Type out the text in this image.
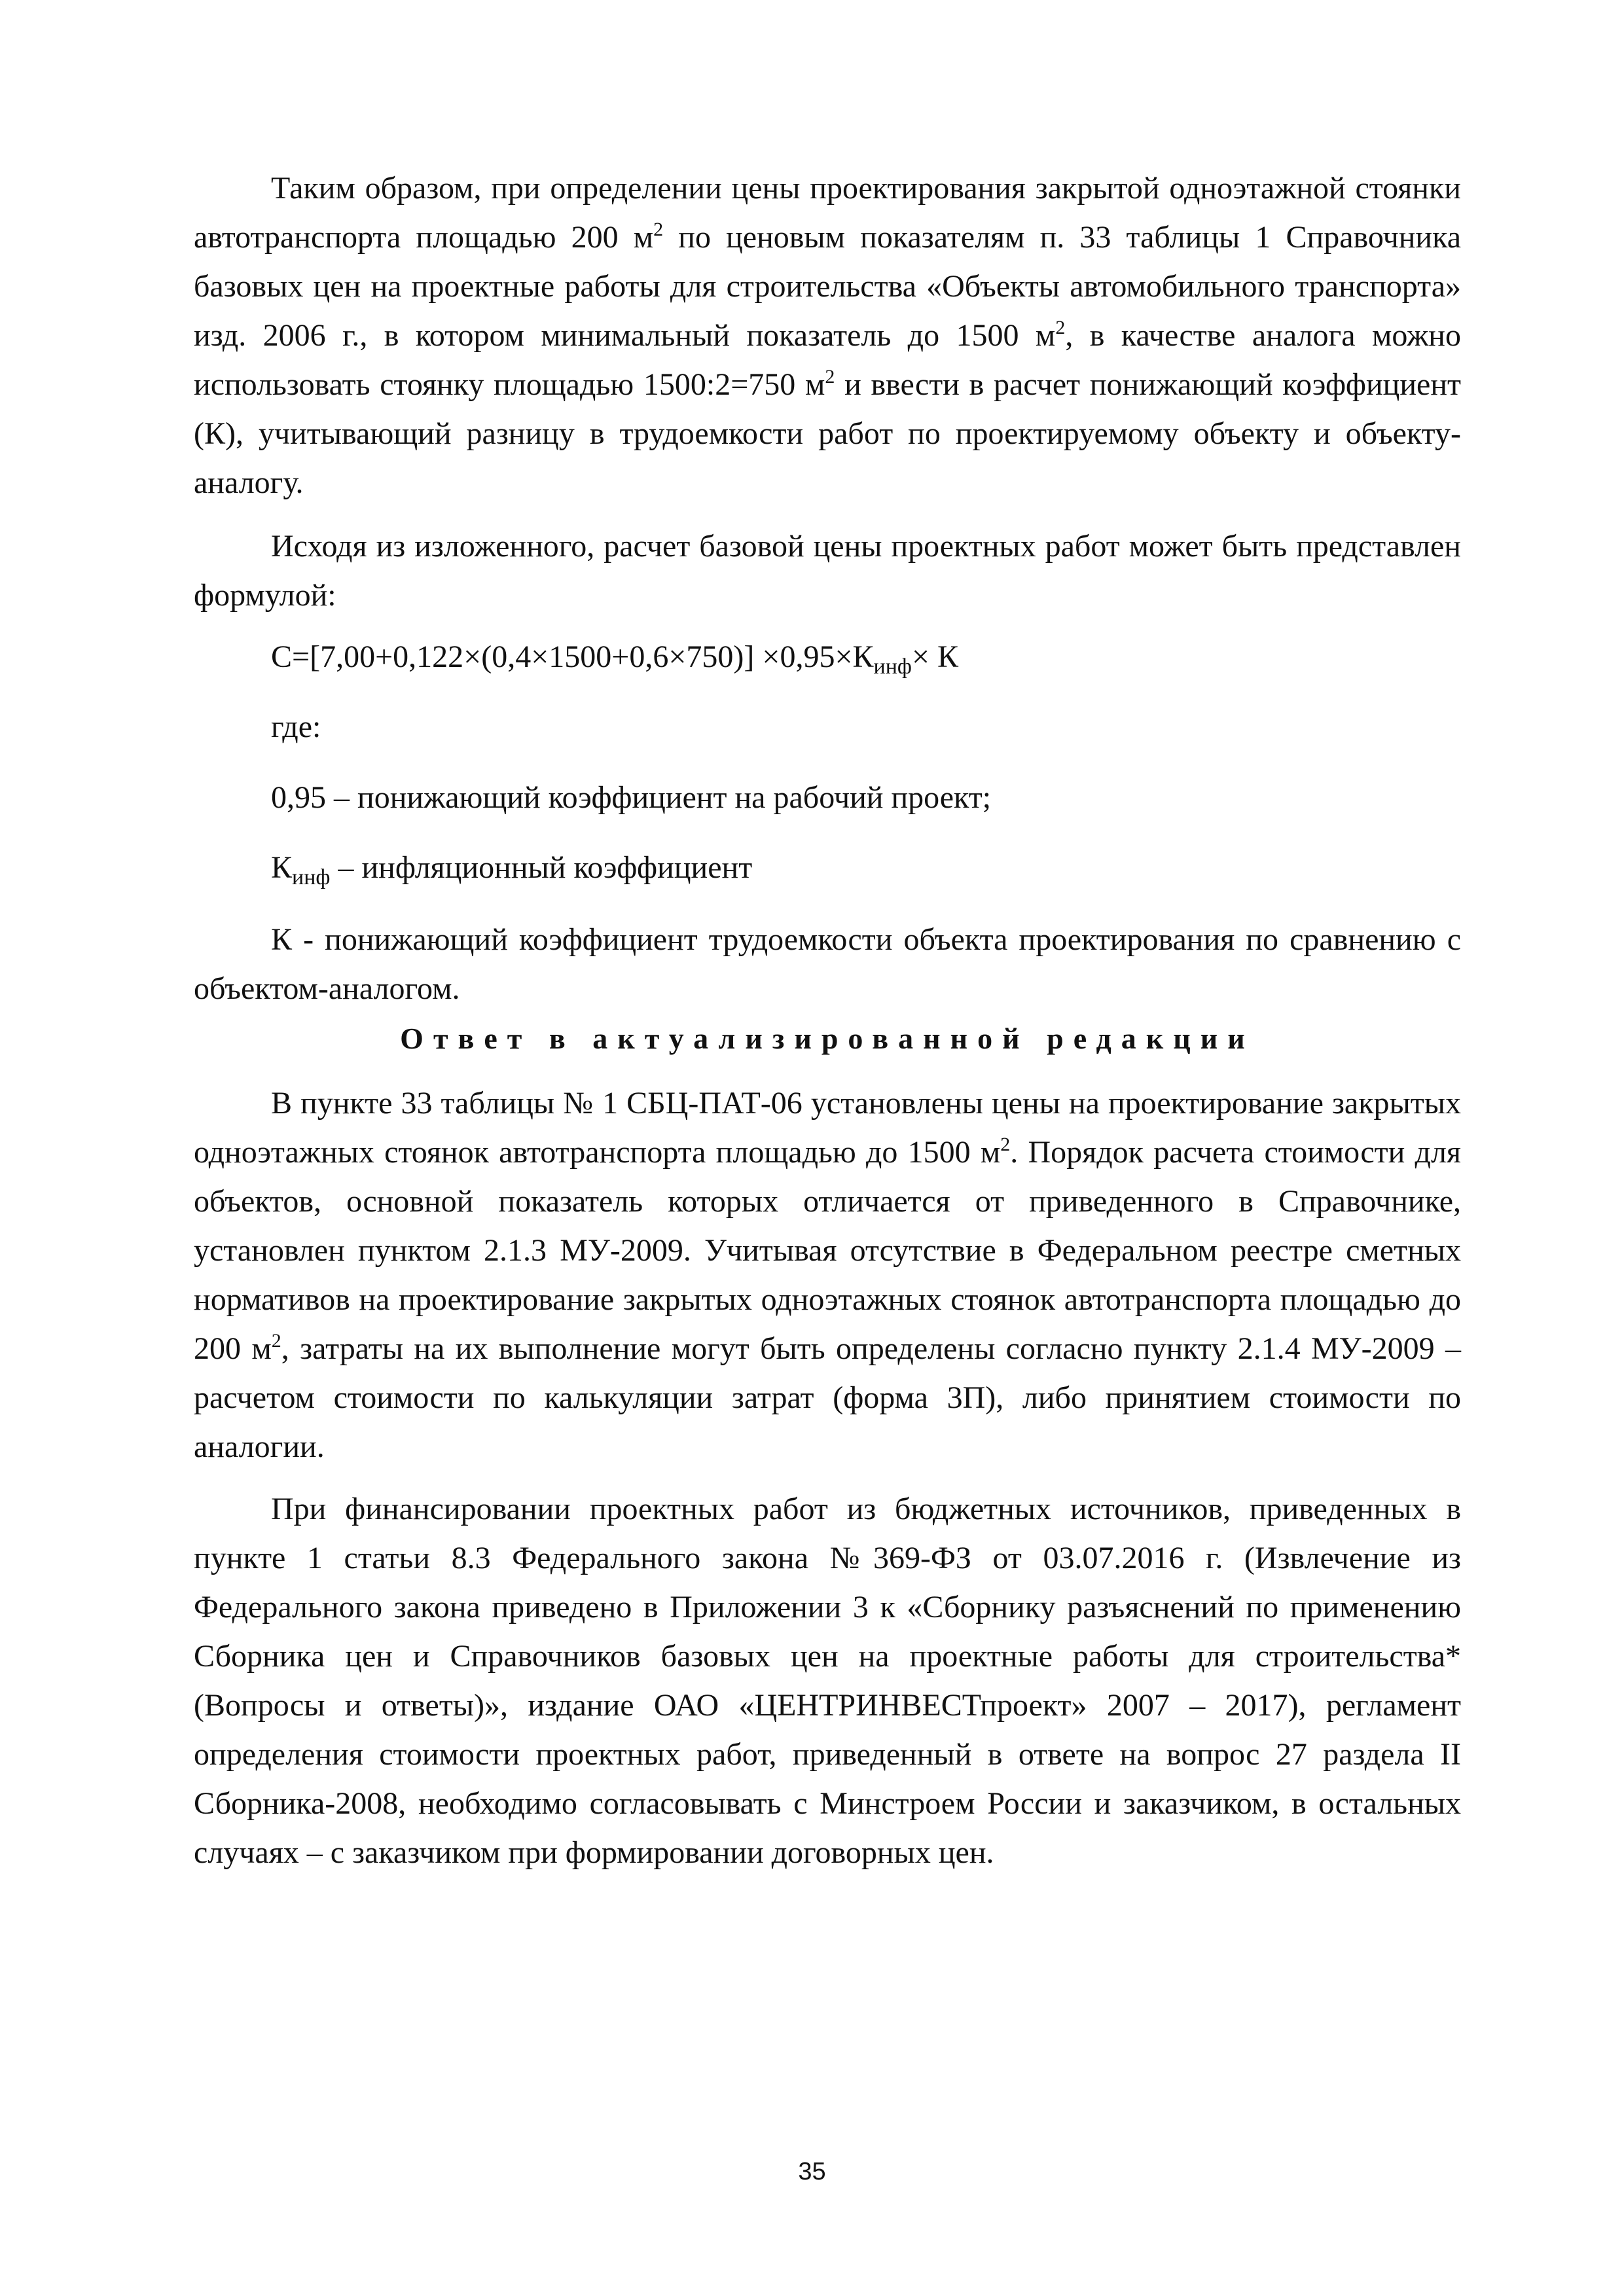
Таким образом, при определении цены проектирования закрытой одноэтажной стоянки автотранспорта площадью 200 $м^2$ по ценовым показателям п. 33 таблицы 1 Справочника базовых цен на проектные работы для строительства «Объекты автомобильного транспорта» изд. 2006 г., в котором минимальный показатель до 1500 $м^2$, в качестве аналога можно использовать стоянку площадью 1500:2=750 $м^2$ и ввести в расчет понижающий коэффициент (К), учитывающий разницу в трудоемкости работ по проектируемому объекту и объекту-аналогу.

Исходя из изложенного, расчет базовой цены проектных работ может быть представлен формулой:

$С=[7,00+0,122\times(0,4\times 1500+0,6\times 750)] \times 0,95\times К_{инф}\times К$

где:

0,95 – понижающий коэффициент на рабочий проект;

$К_{инф}$ – инфляционный коэффициент

К - понижающий коэффициент трудоемкости объекта проектирования по сравнению с объектом-аналогом.

Ответ в актуализированной редакции

В пункте 33 таблицы № 1 СБЦ-ПАТ-06 установлены цены на проектирование закрытых одноэтажных стоянок автотранспорта площадью до 1500 $м^2$. Порядок расчета стоимости для объектов, основной показатель которых отличается от приведенного в Справочнике, установлен пунктом 2.1.3 МУ-2009. Учитывая отсутствие в Федеральном реестре сметных нормативов на проектирование закрытых одноэтажных стоянок автотранспорта площадью до 200 $м^2$, затраты на их выполнение могут быть определены согласно пункту 2.1.4 МУ-2009 – расчетом стоимости по калькуляции затрат (форма 3П), либо принятием стоимости по аналогии.

При финансировании проектных работ из бюджетных источников, приведенных в пункте 1 статьи 8.3 Федерального закона №369-ФЗ от 03.07.2016 г. (Извлечение из Федерального закона приведено в Приложении 3 к «Сборнику разъяснений по применению Сборника цен и Справочников базовых цен на проектные работы для строительства* (Вопросы и ответы)», издание ОАО «ЦЕНТРИНВЕСТпроект» 2007 – 2017), регламент определения стоимости проектных работ, приведенный в ответе на вопрос 27 раздела II Сборника-2008, необходимо согласовывать с Минстроем России и заказчиком, в остальных случаях – с заказчиком при формировании договорных цен.

35
